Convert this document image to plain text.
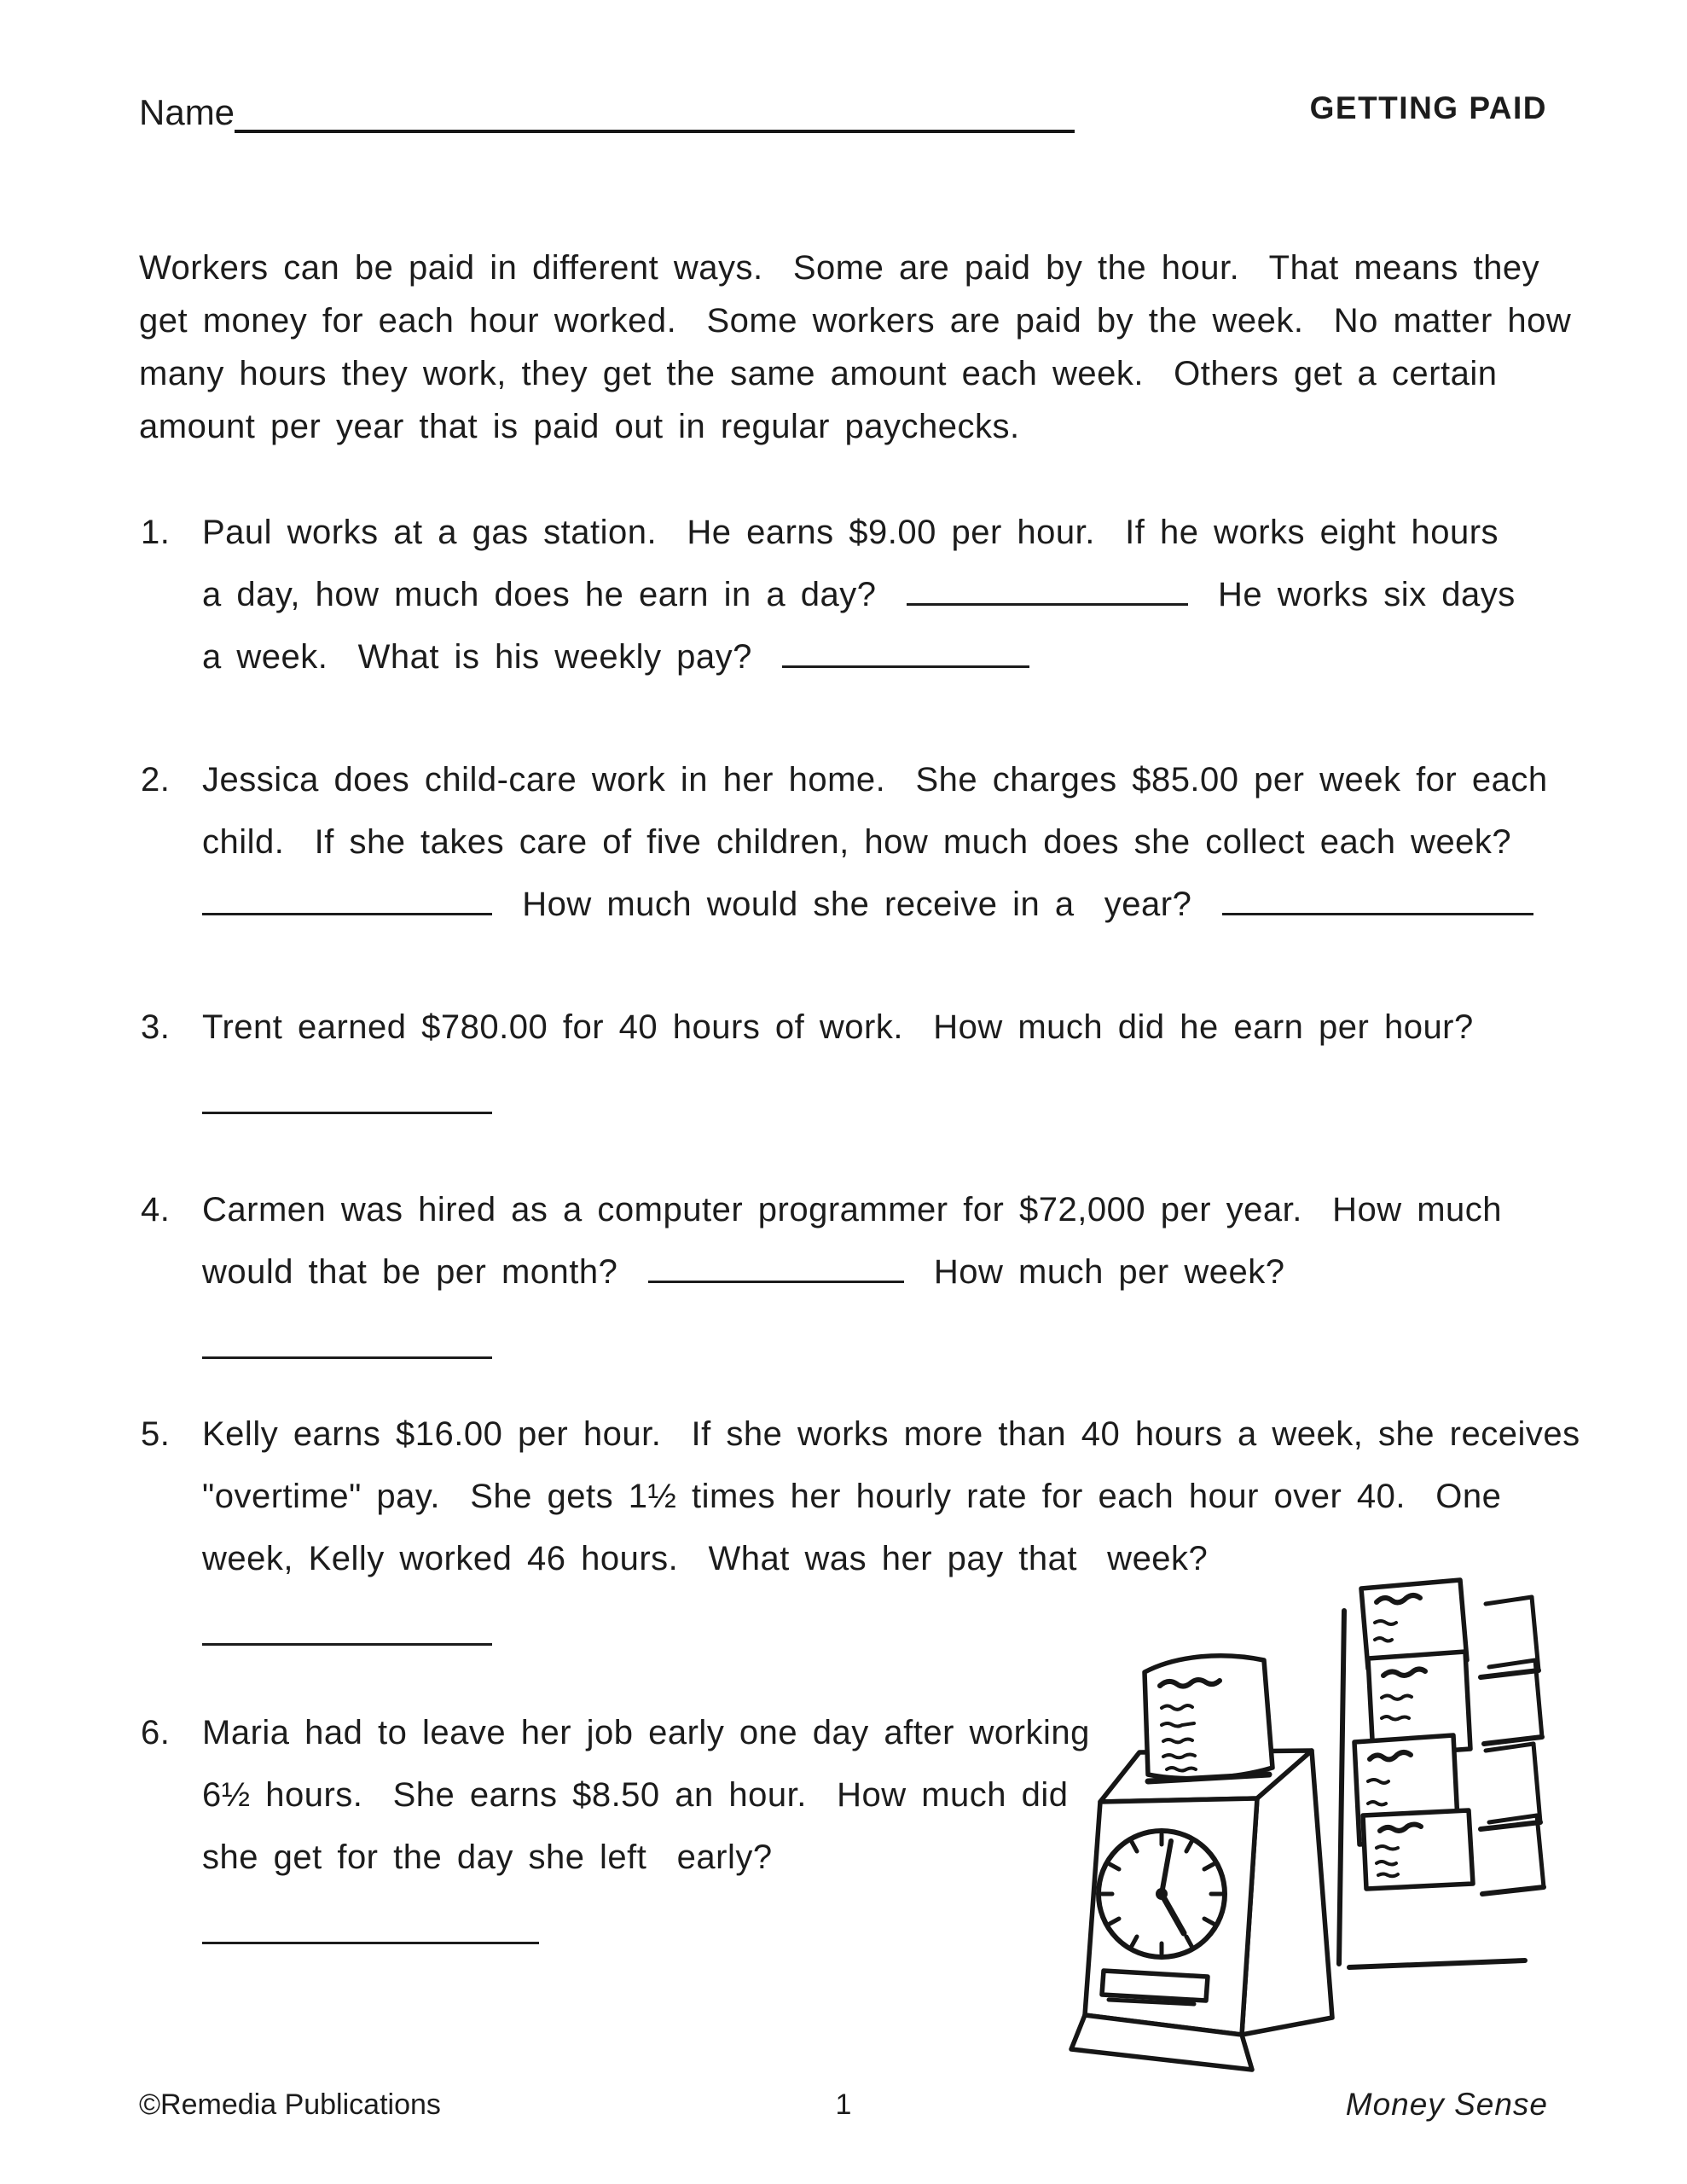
Name	GETTING PAID
Workers can be paid in different ways.  Some are paid by the hour.  That means they
get money for each hour worked.  Some workers are paid by the week.  No matter how
many hours they work, they get the same amount each week.  Others get a certain
amount per year that is paid out in regular paychecks.
1. Paul works at a gas station.  He earns $9.00 per hour.  If he works eight hours
a day, how much does he earn in a day?	He works six days
a week.  What is his weekly pay?
2. Jessica does child-care work in her home.  She charges $85.00 per week for each
child.  If she takes care of five children, how much does she collect each week?
How much would she receive in a  year?
3. Trent earned $780.00 for 40 hours of work.  How much did he earn per hour?
4. Carmen was hired as a computer programmer for $72,000 per year.  How much
would that be per month?	How much per week?
5. Kelly earns $16.00 per hour.  If she works more than 40 hours a week, she receives
"overtime" pay.  She gets 1½ times her hourly rate for each hour over 40.  One
week, Kelly worked 46 hours.  What was her pay that  week?
6. Maria had to leave her job early one day after working
6½ hours.  She earns $8.50 an hour.  How much did
she get for the day she left  early?
©Remedia Publications	1	Money Sense
